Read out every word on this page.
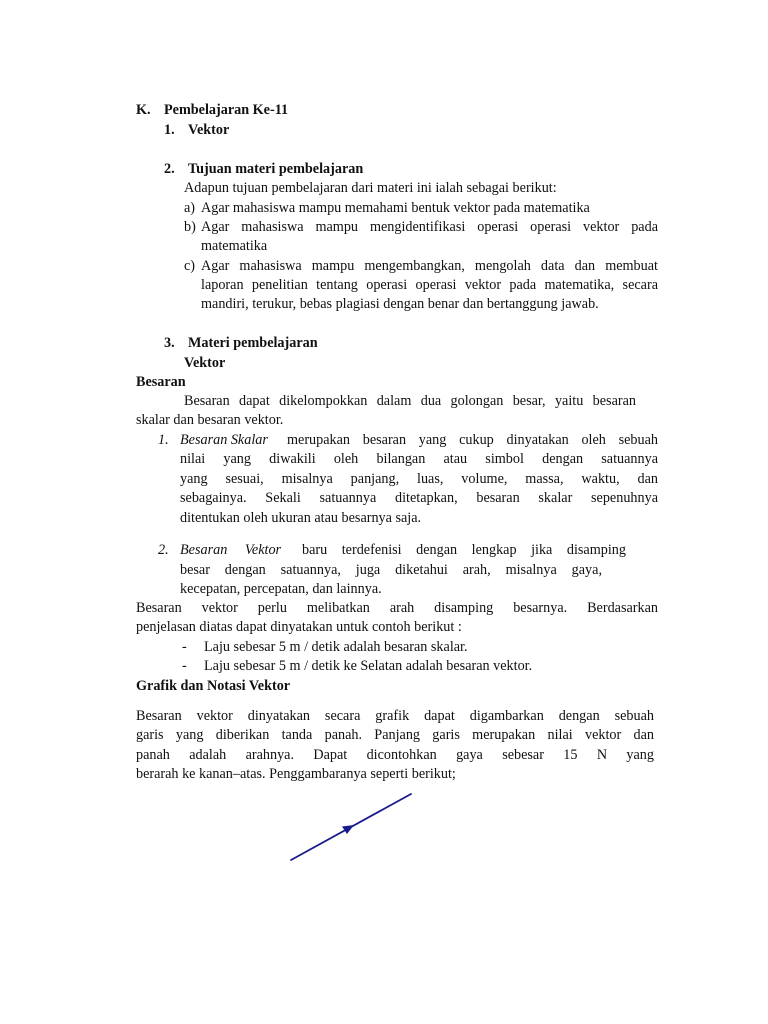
K. Pembelajaran Ke-11
1. Vektor
2. Tujuan materi pembelajaran
Adapun tujuan pembelajaran dari materi ini ialah sebagai berikut:
a) Agar mahasiswa mampu memahami bentuk vektor pada matematika
b) Agar mahasiswa mampu mengidentifikasi operasi operasi vektor pada
matematika
c) Agar mahasiswa mampu mengembangkan, mengolah data dan membuat
laporan penelitian tentang operasi operasi vektor pada matematika, secara
mandiri, terukur, bebas plagiasi dengan benar dan bertanggung jawab.
3. Materi pembelajaran
Vektor
Besaran
Besaran dapat dikelompokkan dalam dua golongan besar, yaitu besaran
skalar dan besaran vektor.
1. Besaran Skalar merupakan besaran yang cukup dinyatakan oleh sebuah
nilai yang diwakili oleh bilangan atau simbol dengan satuannya
yang sesuai, misalnya panjang, luas, volume, massa, waktu, dan
sebagainya. Sekali satuannya ditetapkan, besaran skalar sepenuhnya
ditentukan oleh ukuran atau besarnya saja.
2. Besaran Vektor	baru terdefenisi dengan lengkap jika disamping
besar dengan satuannya, juga diketahui arah, misalnya gaya,
kecepatan, percepatan, dan lainnya.
Besaran vektor perlu melibatkan arah disamping besarnya. Berdasarkan
penjelasan diatas dapat dinyatakan untuk contoh berikut :
- Laju sebesar 5 m / detik adalah besaran skalar.
- Laju sebesar 5 m / detik ke Selatan adalah besaran vektor.
Grafik dan Notasi Vektor
Besaran vektor dinyatakan secara grafik dapat digambarkan dengan sebuah
garis yang diberikan tanda panah. Panjang garis merupakan nilai vektor dan
panah adalah arahnya. Dapat dicontohkan gaya sebesar 15 N yang
berarah ke kanan–atas. Penggambaranya seperti berikut;
